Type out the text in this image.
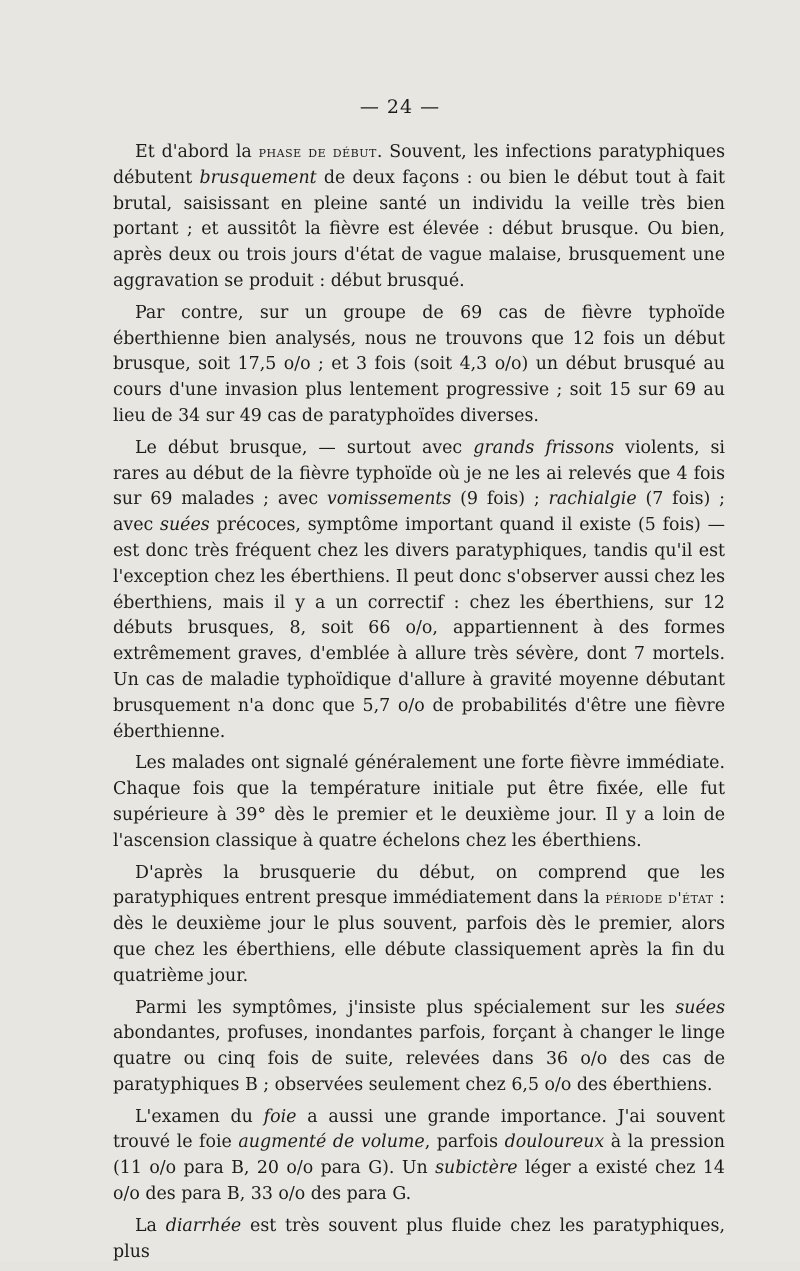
— 24 —

Et d'abord la phase de début. Souvent, les infections paratyphiques débutent brusquement de deux façons : ou bien le début tout à fait brutal, saisissant en pleine santé un individu la veille très bien portant ; et aussitôt la fièvre est élevée : début brusque. Ou bien, après deux ou trois jours d'état de vague malaise, brusquement une aggravation se produit : début brusqué.

Par contre, sur un groupe de 69 cas de fièvre typhoïde éberthienne bien analysés, nous ne trouvons que 12 fois un début brusque, soit 17,5 o/o ; et 3 fois (soit 4,3 o/o) un début brusqué au cours d'une invasion plus lentement progressive ; soit 15 sur 69 au lieu de 34 sur 49 cas de paratyphoïdes diverses.

Le début brusque, — surtout avec grands frissons violents, si rares au début de la fièvre typhoïde où je ne les ai relevés que 4 fois sur 69 malades ; avec vomissements (9 fois) ; rachialgie (7 fois) ; avec suées précoces, symptôme important quand il existe (5 fois) — est donc très fréquent chez les divers paratyphiques, tandis qu'il est l'exception chez les éberthiens. Il peut donc s'observer aussi chez les éberthiens, mais il y a un correctif : chez les éberthiens, sur 12 débuts brusques, 8, soit 66 o/o, appartiennent à des formes extrêmement graves, d'emblée à allure très sévère, dont 7 mortels. Un cas de maladie typhoïdique d'allure à gravité moyenne débutant brusquement n'a donc que 5,7 o/o de probabilités d'être une fièvre éberthienne.

Les malades ont signalé généralement une forte fièvre immédiate. Chaque fois que la température initiale put être fixée, elle fut supérieure à 39° dès le premier et le deuxième jour. Il y a loin de l'ascension classique à quatre échelons chez les éberthiens.

D'après la brusquerie du début, on comprend que les paratyphiques entrent presque immédiatement dans la période d'état : dès le deuxième jour le plus souvent, parfois dès le premier, alors que chez les éberthiens, elle débute classiquement après la fin du quatrième jour.

Parmi les symptômes, j'insiste plus spécialement sur les suées abondantes, profuses, inondantes parfois, forçant à changer le linge quatre ou cinq fois de suite, relevées dans 36 o/o des cas de paratyphiques B ; observées seulement chez 6,5 o/o des éberthiens.

L'examen du foie a aussi une grande importance. J'ai souvent trouvé le foie augmenté de volume, parfois douloureux à la pression (11 o/o para B, 20 o/o para G). Un subictère léger a existé chez 14 o/o des para B, 33 o/o des para G.

La diarrhée est très souvent plus fluide chez les paratyphiques, plus
